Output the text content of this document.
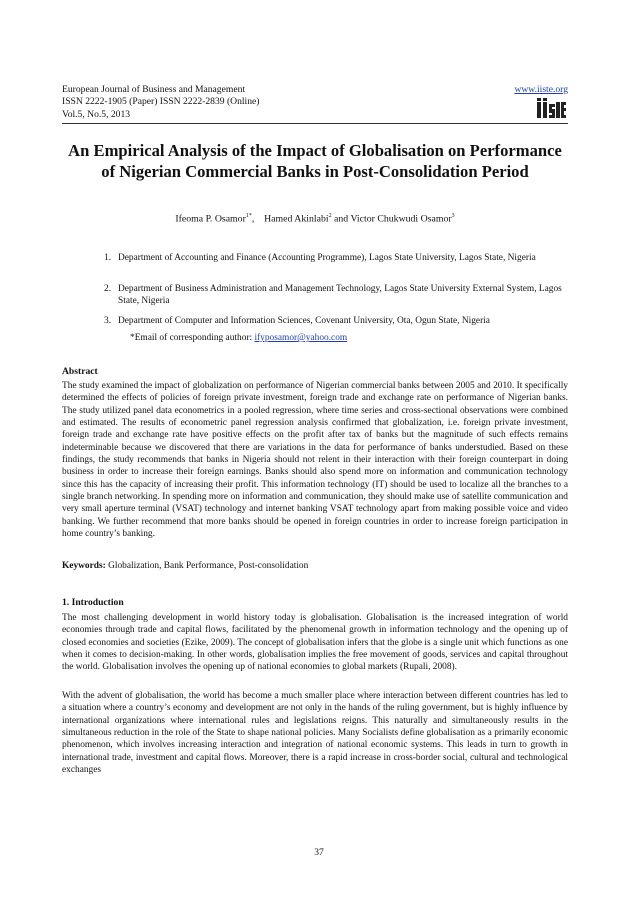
European Journal of Business and Management
ISSN 2222-1905 (Paper) ISSN 2222-2839 (Online)
Vol.5, No.5, 2013
www.iiste.org
An Empirical Analysis of the Impact of Globalisation on Performance of Nigerian Commercial Banks in Post-Consolidation Period
Ifeoma P. Osamor$^{1*}$,    Hamed Akinlabi$^2$ and Victor Chukwudi Osamor$^3$
1. Department of Accounting and Finance (Accounting Programme), Lagos State University, Lagos State, Nigeria
2. Department of Business Administration and Management Technology, Lagos State University External System, Lagos State, Nigeria
3. Department of Computer and Information Sciences, Covenant University, Ota, Ogun State, Nigeria
*Email of corresponding author: ifyposamor@yahoo.com
Abstract
The study examined the impact of globalization on performance of Nigerian commercial banks between 2005 and 2010. It specifically determined the effects of policies of foreign private investment, foreign trade and exchange rate on performance of Nigerian banks. The study utilized panel data econometrics in a pooled regression, where time series and cross-sectional observations were combined and estimated. The results of econometric panel regression analysis confirmed that globalization, i.e. foreign private investment, foreign trade and exchange rate have positive effects on the profit after tax of banks but the magnitude of such effects remains indeterminable because we discovered that there are variations in the data for performance of banks understudied. Based on these findings, the study recommends that banks in Nigeria should not relent in their interaction with their foreign counterpart in doing business in order to increase their foreign earnings. Banks should also spend more on information and communication technology since this has the capacity of increasing their profit. This information technology (IT) should be used to localize all the branches to a single branch networking. In spending more on information and communication, they should make use of satellite communication and very small aperture terminal (VSAT) technology and internet banking VSAT technology apart from making possible voice and video banking. We further recommend that more banks should be opened in foreign countries in order to increase foreign participation in home country’s banking.
Keywords: Globalization, Bank Performance, Post-consolidation
1. Introduction
The most challenging development in world history today is globalisation. Globalisation is the increased integration of world economies through trade and capital flows, facilitated by the phenomenal growth in information technology and the opening up of closed economies and societies (Ezike, 2009). The concept of globalisation infers that the globe is a single unit which functions as one when it comes to decision-making. In other words, globalisation implies the free movement of goods, services and capital throughout the world. Globalisation involves the opening up of national economies to global markets (Rupali, 2008).
With the advent of globalisation, the world has become a much smaller place where interaction between different countries has led to a situation where a country’s economy and development are not only in the hands of the ruling government, but is highly influence by international organizations where international rules and legislations reigns. This naturally and simultaneously results in the simultaneous reduction in the role of the State to shape national policies. Many Socialists define globalisation as a primarily economic phenomenon, which involves increasing interaction and integration of national economic systems. This leads in turn to growth in international trade, investment and capital flows. Moreover, there is a rapid increase in cross-border social, cultural and technological exchanges
37
